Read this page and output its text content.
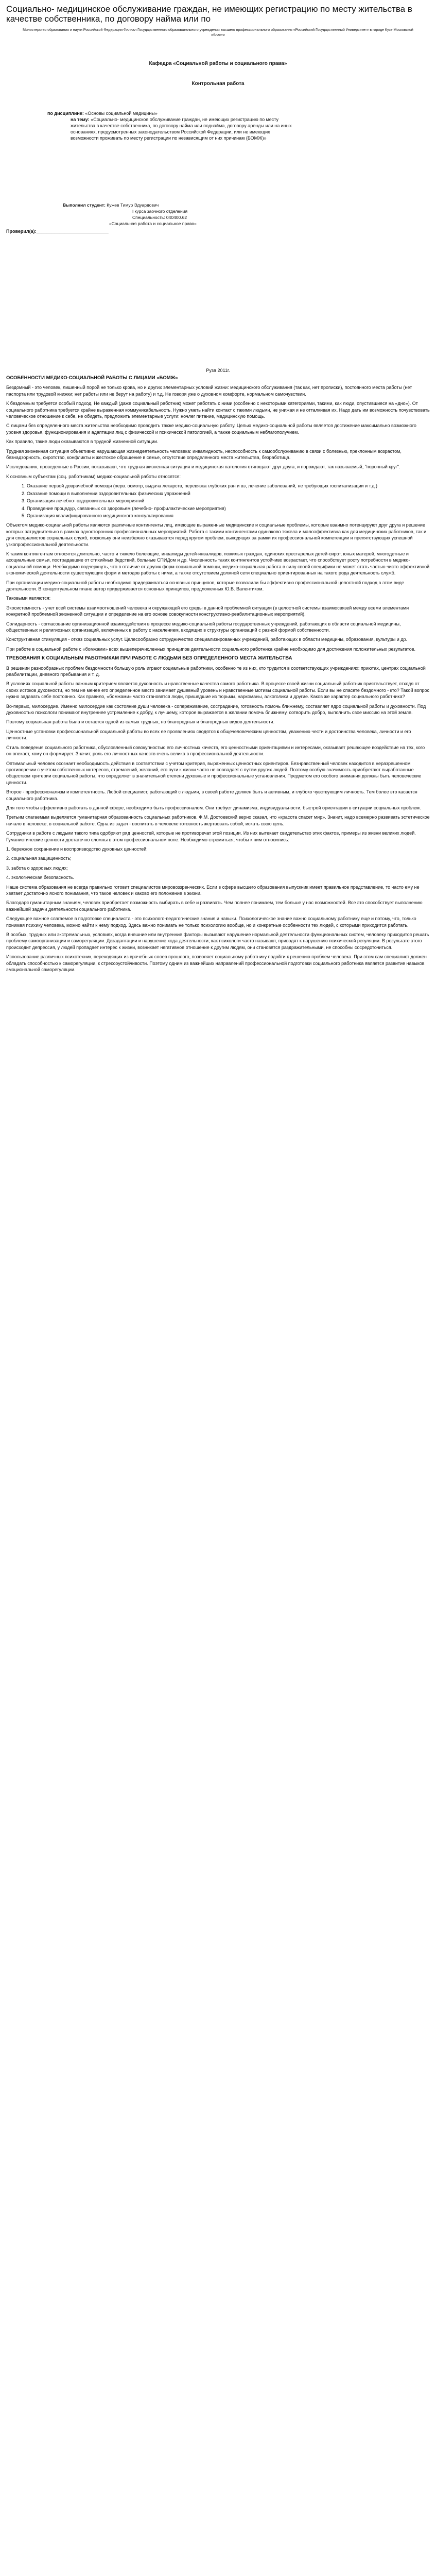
Социально- медицинское обслуживание граждан, не имеющих регистрацию по месту жительства в качестве собственника, по договору найма или по
Министерство образования и науки Российской Федерации Филиал Государственного образовательного учреждения высшего профессионального образования «Российский Государственный Университет» в городе Кузе Московской области
Кафедра «Социальной работы и социального права»
Контрольная работа
по дисциплине: «Основы социальной медицины»
на тему: «Социально- медицинское обслуживание граждан, не имеющих регистрацию по месту жительства в качестве собственника, по договору найма или поднайма, договору аренды или на иных основаниях, предусмотренных законодательством Российской Федерации, или не имеющих возможности проживать по месту регистрации по независящим от них причинам (БОМЖ)»
Выполнил студент: Кужев Тимур Эдуардович
I курса заочного отделения
Специальность: 040400.62
«Социальная работа и социальное право»
Проверил(а):____________________________
Руза 2011г.
ОСОБЕННОСТИ МЕДИКО-СОЦИАЛЬНОЙ РАБОТЫ С ЛИЦАМИ «БОМЖ»

Бездомный - это человек, лишенный порой не только крова, но и других элементарных условий жизни: медицинского обслуживания (так как, нет прописки), постоянного места работы (нет паспорта или трудовой книжки; нет работы или не берут на работу) и т.д. Не говоря уже о духовном комфорте, нормальном самочувствии.

К бездомным требуется особый подход. Не каждый (даже социальный работник) может работать с ними (особенно с некоторыми категориями, такими, как люди, опустившиеся на «дно»). От социального работника требуется крайне выраженная коммуникабельность. Нужно уметь найти контакт с такими людьми, не унижая и не отталкивая их. Надо дать им возможность почувствовать человеческое отношение к себе, не обидеть, предложить элементарные услуги: ночлег питание, медицинскую помощь.

С лицами без определенного места жительства необходимо проводить также медико-социальную работу. Целью медико-социальной работы является достижение максимально возможного уровня здоровья, функционирования и адаптации лиц с физической и психической патологией, а также социальным неблагополучием.

Как правило, такие люди оказываются в трудной жизненной ситуации.

Трудная жизненная ситуация объективно нарушающая жизнедеятельность человека: инвалидность, неспособность к самообслуживанию в связи с болезнью, преклонным возрастом, безнадзорность, сиротство, конфликты и жестокое обращение в семье, отсутствие определенного места жительства, безработица.

Исследования, проведенные в России, показывают, что трудная жизненная ситуация и медицинская патология отягощают друг друга, и порождают, так называемый, "порочный круг".

К основным субъектам (соц. работникам) медико-социальной работы относятся:

1. Оказание первой доврачебной помощи (перв. осмотр, выдача лекарств, перевязка глубоких ран и вэ, лечение заболеваний, не требующих госпитализации и т.д.)
2. Оказание помощи в выполнении оздоровительных физических упражнений
3. Организация лечебно- оздоровительных мероприятий
4. Проведение процедур, связанных со здоровьем (лечебно- профилактические мероприятия)
5. Организация квалифицированного медицинского консультирования

Объектом медико-социальной работы являются различные контингенты лиц, имеющие выраженные медицинские и социальные проблемы, которые взаимно потенцируют друг друга и решение которых затруднительно в рамках односторонних профессиональных мероприятий. Работа с такими контингентами одинаково тяжела и малоэффективна как для медицинских работников, так и для специалистов социальных служб, поскольку они неизбежно оказываются перед кругом проблем, выходящих за рамки их профессиональной компетенции и препятствующих успешной узкопрофессиональной деятельности.

К таким контингентам относятся длительно, часто и тяжело болеющие, инвалиды детей-инвалидов, пожилых граждан, одиноких престарелых детей-сирот, юных матерей, многодетные и асоциальные семьи, пострадавшие от стихийных бедствий, больные СПИДом и др. Численность таких контингентов устойчиво возрастает, что способствует росту потребности в медико-социальной помощи. Необходимо подчеркнуть, что в отличие от других форм социальной помощи, медико-социальная работа в силу своей специфики не может стать частью чисто эффективной экономической деятельности существующих форм и методов работы с ними, а также отсутствием должной сети специально ориентированных на такого рода деятельность служб.

При организации медико-социальной работы необходимо придерживаться основных принципов, которые позволили бы эффективно профессиональной целостной подход в этом виде деятельности. В концептуальном плане автор придерживается основных принципов, предложенных Ю.В. Валентиком.

Таковыми являются:

Экосистемность - учет всей системы взаимоотношений человека и окружающей его среды в данной проблемной ситуации (в целостной системы взаимосвязей между всеми элементами конкретной проблемной жизненной ситуации и определение на его основе совокупности конструктивно-реабилитационных мероприятий).

Солидарность - согласование организационной взаимодействия в процессе медико-социальной работы государственных учреждений, работающих в области социальной медицины, общественных и религиозных организаций, включенных в работу с населением, входящих в структуры организаций с разной формой собственности.

Конструктивная стимуляция - отказ социальных услуг. Целесообразно сотрудничество специализированных учреждений, работающих в области медицины, образования, культуры и др.

При работе в социальной работе с «бомжами» всех вышеперечисленных принципов деятельности социального работника крайне необходимо для достижения положительных результатов.

ТРЕБОВАНИЯ К СОЦИАЛЬНЫМ РАБОТНИКАМ ПРИ РАБОТЕ С ЛЮДЬМИ БЕЗ ОПРЕДЕЛЕННОГО МЕСТА ЖИТЕЛЬСТВА

В решении разнообразных проблем бездомности большую роль играют социальные работники, особенно те из них, кто трудится в соответствующих учреждениях: приютах, центрах социальной реабилитации, дневного пребывания и т. д.

В условиях социальной работы важным критерием является духовность и нравственные качества самого работника. В процессе своей жизни социальный работник приятельствует, отходя от своих истоков духовности, но тем не менее его определенное место занимает душевный уровень и нравственные мотивы социальной работы. Если вы не спасете бездомного - кто? Такой вопрос нужно задавать себе постоянно. Как правило, «бомжами» часто становятся люди, пришедшие из тюрьмы, наркоманы, алкоголики и другие. Каков же характер социального работника?

Во-первых, милосердие. Именно милосердие как состояние души человека - сопереживание, сострадание, готовность помочь ближнему, составляет ядро социальной работы и духовности. Под духовностью психологи понимают внутреннее устремление к добру, к лучшему, которое выражается в желании помочь ближнему, сотворить добро, выполнить свое миссию на этой земле.

Поэтому социальная работа была и остается одной из самых трудных, но благородных и благородных видов деятельности.

Ценностные установки профессиональной социальной работы во всех ее проявлениях сводятся к общечеловеческим ценностям, уважению чести и достоинства человека, личности и его личности.

Стиль поведения социального работника, обусловленный совокупностью его личностных качеств, его ценностными ориентациями и интересами, оказывает решающее воздействие на тех, кого он опекает, кому он формирует. Значит, роль его личностных качеств очень велика в профессиональной деятельности.

Оптимальный человек осознает необходимость действия в соответствии с учетом критерия, выраженных ценностных ориентиров. Безнравственный человек находится в неразрешенном противоречии с учетом собственных интересов, стремлений, желаний, его пути к жизни часто не совпадает с путем других людей. Поэтому особую значимость приобретают выработанные обществом критерии социальной работы, что определяет в значительной степени духовные и профессиональные установления. Предметом его особого внимания должны быть человеческие ценности.

Второе - профессионализм и компетентность. Любой специалист, работающий с людьми, в своей работе должен быть и активным, и глубоко чувствующим личность. Тем более это касается социального работника.

Для того чтобы эффективно работать в данной сфере, необходимо быть профессионалом. Они требует динамизма, индивидуальности, быстрой ориентации в ситуации социальных проблем.

Третьим слагаемым выделяется гуманитарная образованность социальных работников. Ф.М. Достоевский верно сказал, что «красота спасет мир». Значит, надо всемерно развивать эстетическое начало в человеке, в социальной работе. Одна из задач - воспитать в человеке готовность жертвовать собой, искать свою цель.

Сотрудники в работе с людьми такого типа одобряют ряд ценностей, которые не противоречат этой позиции. Из них вытекает свидетельство этих фактов, примеры из жизни великих людей. Гуманистические ценности достаточно сложны в этом профессиональном поле. Необходимо стремиться, чтобы к ним относились:

1. бережное сохранение и воспроизводство духовных ценностей;

2. социальная защищенность;

3. забота о здоровых людях;

4. экологическая безопасность.

Наше система образования не всегда правильно готовит специалистов мировоззренческих. Если в сфере высшего образования выпускник имеет правильное представление, то часто ему не хватает достаточно ясного понимания, что такое человек и каково его положение в жизни.

Благодаря гуманитарным знаниям, человек приобретает возможность выбирать в себе и развивать. Чем полнее понимаем, тем больше у нас возможностей. Все это способствует выполнению важнейшей задачи деятельности социального работника.

Следующее важное слагаемое в подготовке специалиста - это психолого-педагогические знания и навыки. Психологическое знание важно социальному работнику еще и потому, что, только понимая психику человека, можно найти к нему подход. Здесь важно понимать не только психологию вообще, но и конкретные особенности тех людей, с которыми приходится работать.

В особых, трудных или экстремальных, условиях, когда внешние или внутренние факторы вызывают нарушение нормальной деятельности функциональных систем, человеку приходится решать проблему самоорганизации и саморегуляции. Дезадаптации и нарушение хода деятельности, как психологи часто называют, приводят к нарушению психической регуляции. В результате этого происходит депрессия, у людей пропадает интерес к жизни, возникает негативное отношение к другим людям, они становятся раздражительными, не способны сосредоточиться.

Использование различных психотехник, переходящих из врачебных слоев прошлого, позволяет социальному работнику подойти к решению проблем человека. При этом сам специалист должен обладать способностью к саморегуляции, к стрессоустойчивости. Поэтому одним из важнейших направлений профессиональной подготовки социального работника является развитие навыков эмоциональной саморегуляции.
